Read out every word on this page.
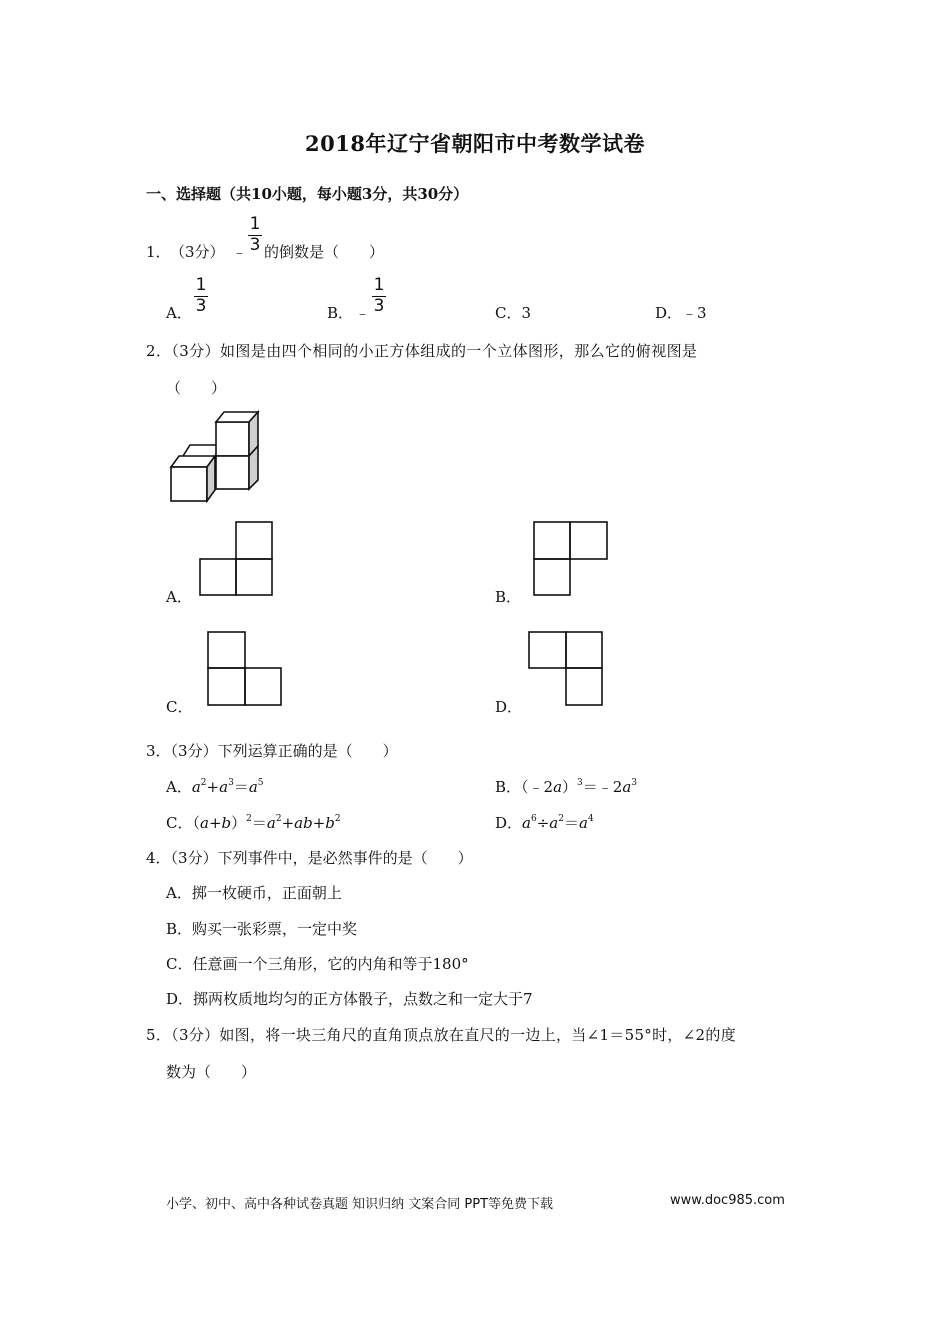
2018年辽宁省朝阳市中考数学试卷
一、选择题（共10小题，每小题3分，共30分）
1． （3分） ﹣
1
3 的倒数是（　　）
A．
1
3	B． ﹣
1
3	C．3	D．﹣3
2．（3分）如图是由四个相同的小正方体组成的一个立体图形，那么它的俯视图是
（　　）
A．	B．
C．	D．
3．（3分）下列运算正确的是（　　）
A．$a^2+a^3=a^5$	B．$(﹣2a)^3=﹣2a^3$
C．$(a+b)^2=a^2+ab+b^2$	D．$a^6\div a^2=a^4$
4．（3分）下列事件中，是必然事件的是（　　）
A．掷一枚硬币，正面朝上
B．购买一张彩票，一定中奖
C．任意画一个三角形，它的内角和等于180°
D．掷两枚质地均匀的正方体骰子，点数之和一定大于7
5．（3分）如图，将一块三角尺的直角顶点放在直尺的一边上，当∠1＝55°时，∠2的度
数为（　　）
小学、初中、高中各种试卷真题 知识归纳 文案合同 PPT等免费下载	www.doc985.com
